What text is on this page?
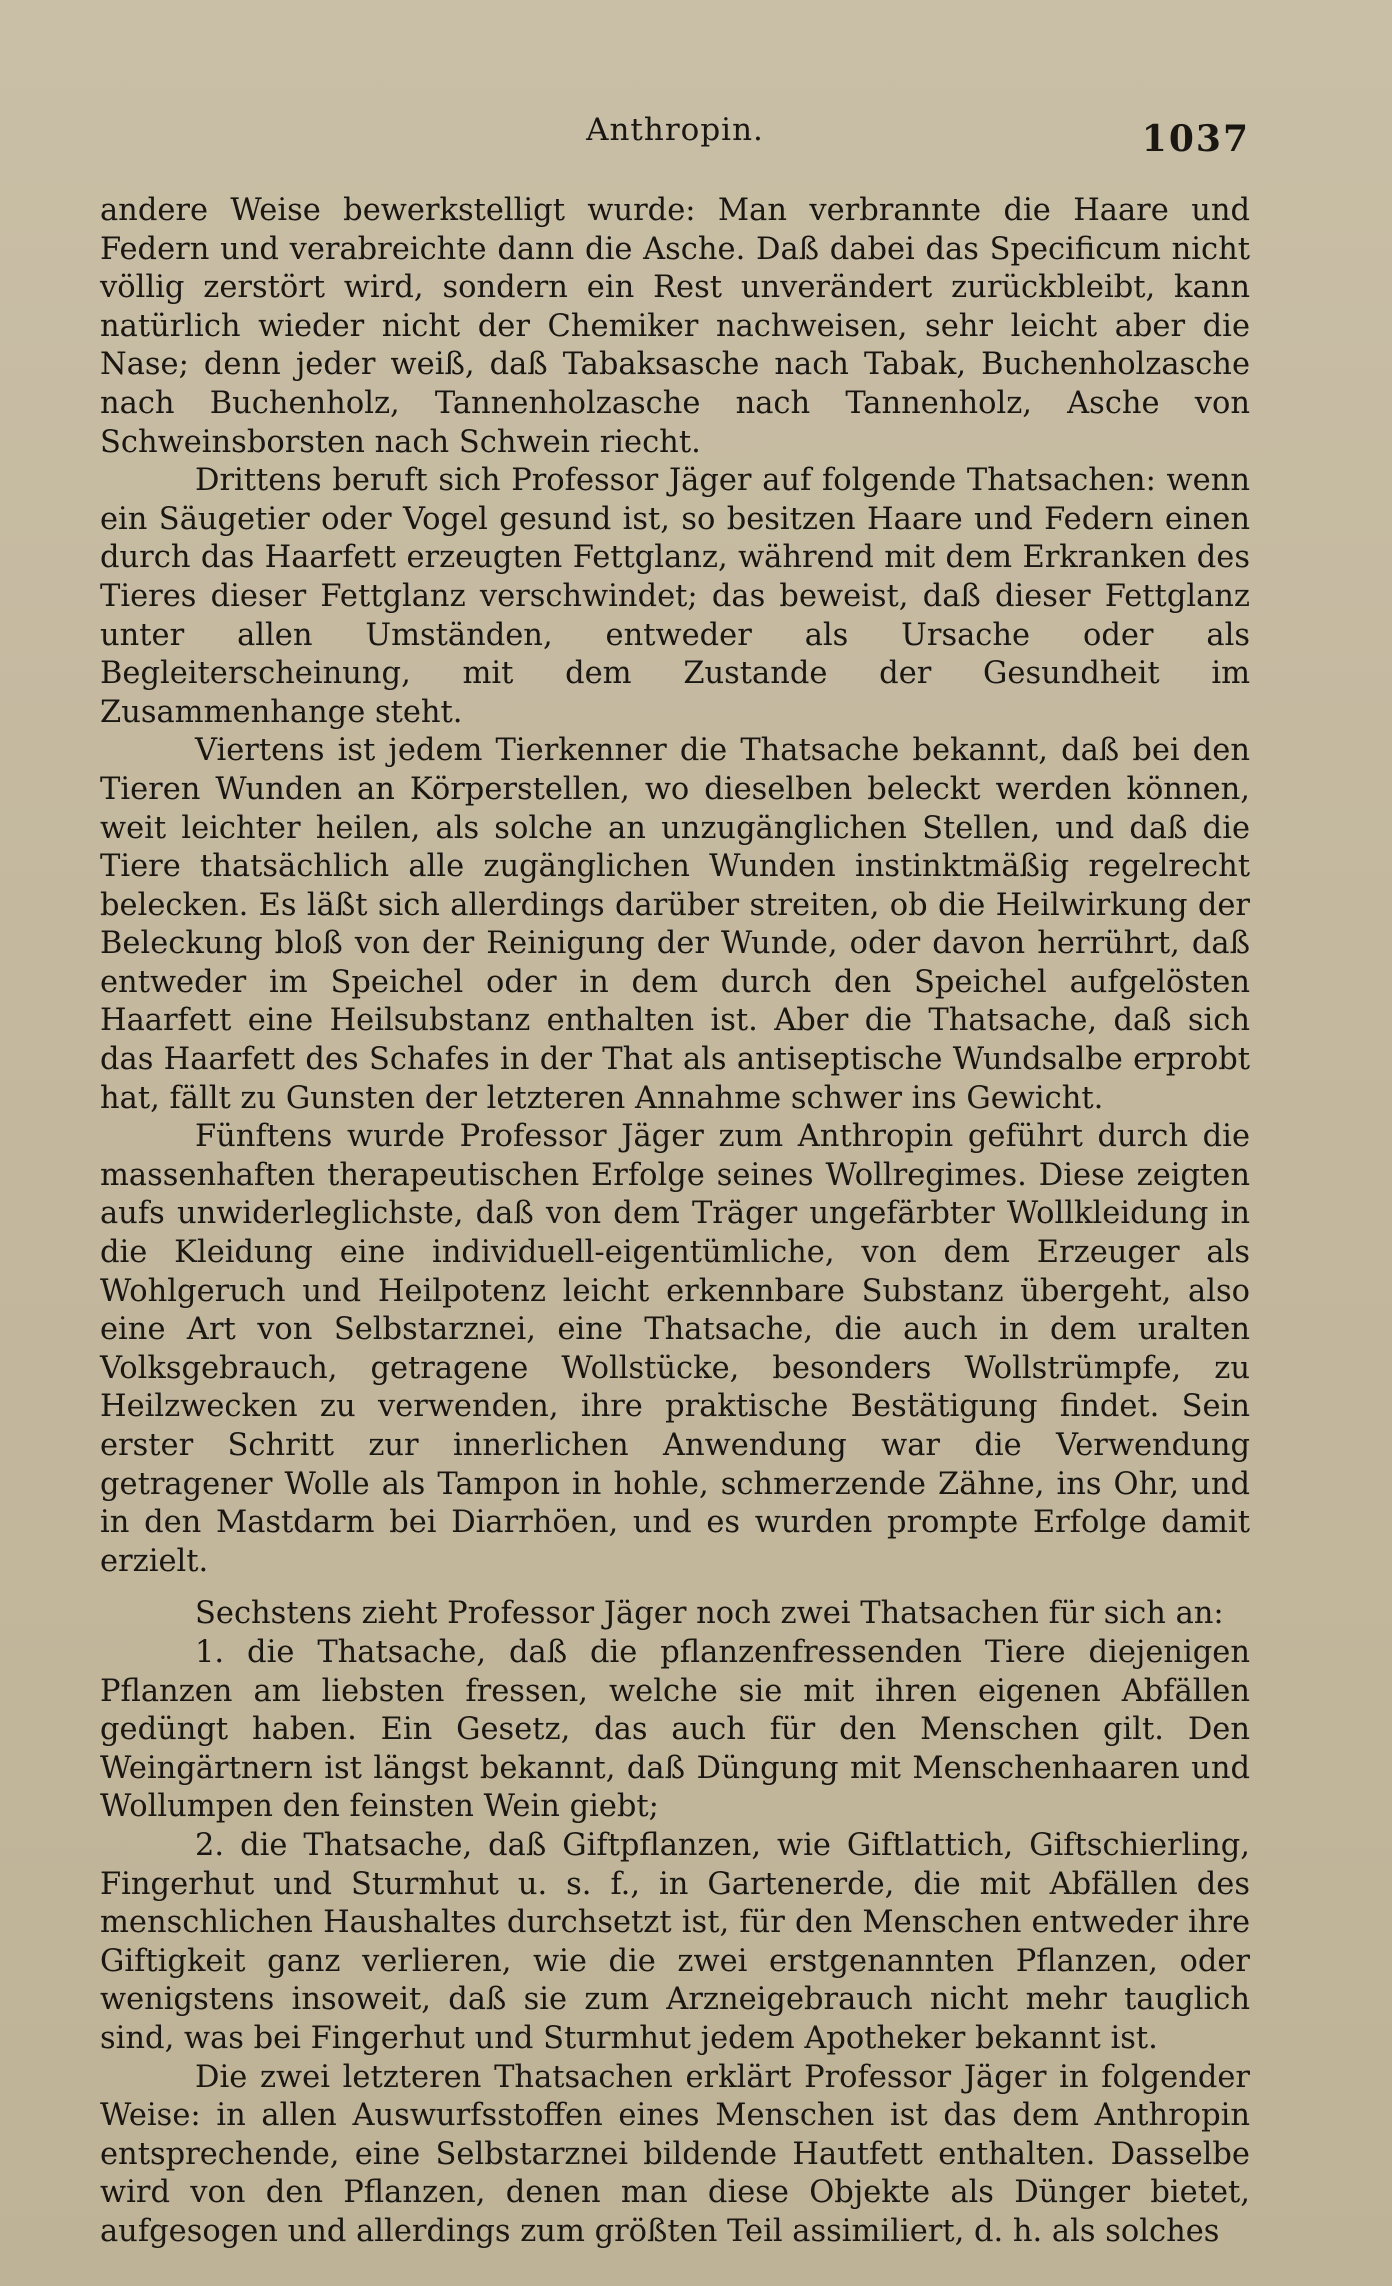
Anthropin.	1037

andere Weise bewerkstelligt wurde: Man verbrannte die Haare und Federn und verabreichte dann die Asche. Daß dabei das Specificum nicht völlig zerstört wird, sondern ein Rest unverändert zurückbleibt, kann natürlich wieder nicht der Chemiker nachweisen, sehr leicht aber die Nase; denn jeder weiß, daß Tabaksasche nach Tabak, Buchenholzasche nach Buchenholz, Tannenholzasche nach Tannenholz, Asche von Schweinsborsten nach Schwein riecht.

Drittens beruft sich Professor Jäger auf folgende Thatsachen: wenn ein Säugetier oder Vogel gesund ist, so besitzen Haare und Federn einen durch das Haarfett erzeugten Fettglanz, während mit dem Erkranken des Tieres dieser Fettglanz verschwindet; das beweist, daß dieser Fettglanz unter allen Umständen, entweder als Ursache oder als Begleiterscheinung, mit dem Zustande der Gesundheit im Zusammenhange steht.

Viertens ist jedem Tierkenner die Thatsache bekannt, daß bei den Tieren Wunden an Körperstellen, wo dieselben beleckt werden können, weit leichter heilen, als solche an unzugänglichen Stellen, und daß die Tiere thatsächlich alle zugänglichen Wunden instinktmäßig regelrecht belecken. Es läßt sich allerdings darüber streiten, ob die Heilwirkung der Beleckung bloß von der Reinigung der Wunde, oder davon herrührt, daß entweder im Speichel oder in dem durch den Speichel aufgelösten Haarfett eine Heilsubstanz enthalten ist. Aber die Thatsache, daß sich das Haarfett des Schafes in der That als antiseptische Wundsalbe erprobt hat, fällt zu Gunsten der letzteren Annahme schwer ins Gewicht.

Fünftens wurde Professor Jäger zum Anthropin geführt durch die massenhaften therapeutischen Erfolge seines Wollregimes. Diese zeigten aufs unwiderleglichste, daß von dem Träger ungefärbter Wollkleidung in die Kleidung eine individuell-eigentümliche, von dem Erzeuger als Wohlgeruch und Heilpotenz leicht erkennbare Substanz übergeht, also eine Art von Selbstarznei, eine Thatsache, die auch in dem uralten Volksgebrauch, getragene Wollstücke, besonders Wollstrümpfe, zu Heilzwecken zu verwenden, ihre praktische Bestätigung findet. Sein erster Schritt zur innerlichen Anwendung war die Verwendung getragener Wolle als Tampon in hohle, schmerzende Zähne, ins Ohr, und in den Mastdarm bei Diarrhöen, und es wurden prompte Erfolge damit erzielt.

Sechstens zieht Professor Jäger noch zwei Thatsachen für sich an:

1. die Thatsache, daß die pflanzenfressenden Tiere diejenigen Pflanzen am liebsten fressen, welche sie mit ihren eigenen Abfällen gedüngt haben. Ein Gesetz, das auch für den Menschen gilt. Den Weingärtnern ist längst bekannt, daß Düngung mit Menschenhaaren und Wollumpen den feinsten Wein giebt;

2. die Thatsache, daß Giftpflanzen, wie Giftlattich, Giftschierling, Fingerhut und Sturmhut u. s. f., in Gartenerde, die mit Abfällen des menschlichen Haushaltes durchsetzt ist, für den Menschen entweder ihre Giftigkeit ganz verlieren, wie die zwei erstgenannten Pflanzen, oder wenigstens insoweit, daß sie zum Arzneigebrauch nicht mehr tauglich sind, was bei Fingerhut und Sturmhut jedem Apotheker bekannt ist.

Die zwei letzteren Thatsachen erklärt Professor Jäger in folgender Weise: in allen Auswurfsstoffen eines Menschen ist das dem Anthropin entsprechende, eine Selbstarznei bildende Hautfett enthalten. Dasselbe wird von den Pflanzen, denen man diese Objekte als Dünger bietet, aufgesogen und allerdings zum größten Teil assimiliert, d. h. als solches
